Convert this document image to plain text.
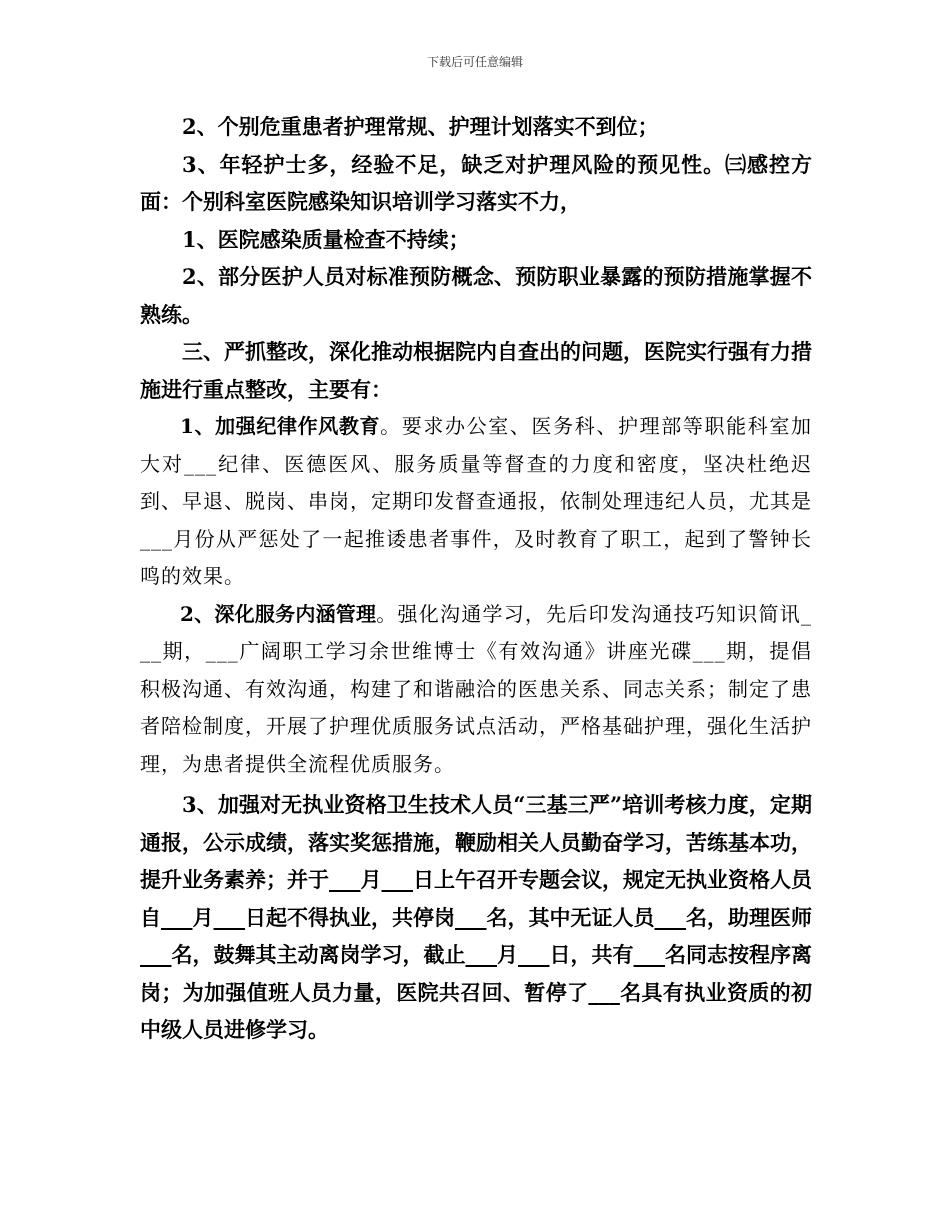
下载后可任意编辑

2、个别危重患者护理常规、护理计划落实不到位；

3、年轻护士多，经验不足，缺乏对护理风险的预见性。㈢感控方面：个别科室医院感染知识培训学习落实不力，

1、医院感染质量检查不持续；

2、部分医护人员对标准预防概念、预防职业暴露的预防措施掌握不熟练。

三、严抓整改，深化推动根据院内自查出的问题，医院实行强有力措施进行重点整改，主要有：

1、加强纪律作风教育。要求办公室、医务科、护理部等职能科室加大对___纪律、医德医风、服务质量等督查的力度和密度，坚决杜绝迟到、早退、脱岗、串岗，定期印发督查通报，依制处理违纪人员，尤其是___月份从严惩处了一起推诿患者事件，及时教育了职工，起到了警钟长鸣的效果。

2、深化服务内涵管理。强化沟通学习，先后印发沟通技巧知识简讯___期，___广阔职工学习余世维博士《有效沟通》讲座光碟___期，提倡积极沟通、有效沟通，构建了和谐融洽的医患关系、同志关系；制定了患者陪检制度，开展了护理优质服务试点活动，严格基础护理，强化生活护理，为患者提供全流程优质服务。

3、加强对无执业资格卫生技术人员“三基三严”培训考核力度，定期通报，公示成绩，落实奖惩措施，鞭励相关人员勤奋学习，苦练基本功，提升业务素养；并于___月___日上午召开专题会议，规定无执业资格人员自___月___日起不得执业，共停岗___名，其中无证人员___名，助理医师___名，鼓舞其主动离岗学习，截止___月___日，共有___名同志按程序离岗；为加强值班人员力量，医院共召回、暂停了___名具有执业资质的初中级人员进修学习。
